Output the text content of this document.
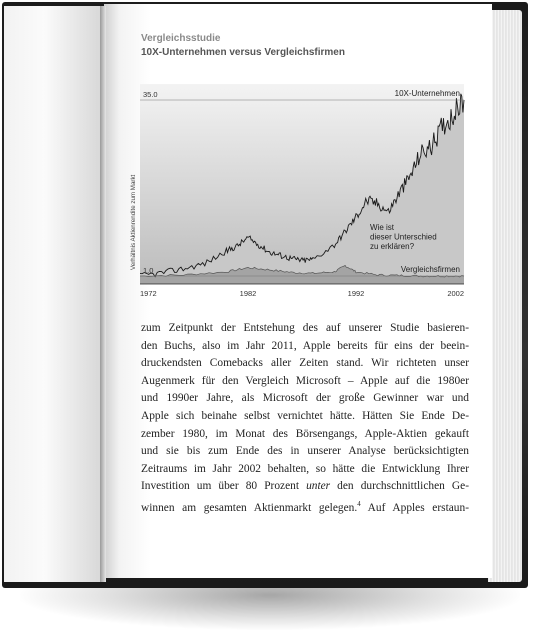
Vergleichsstudie
10X-Unternehmen versus Vergleichsfirmen
35.0
1.0
Verhältnis Aktienrendite zum Markt
10X-Unternehmen
Vergleichsfirmen
Wie ist dieser Unterschied zu erklären?
1972	1982	1992	2002
zum Zeitpunkt der Entstehung des auf unserer Studie basieren-
den Buchs, also im Jahr 2011, Apple bereits für eins der beein-
druckendsten Comebacks aller Zeiten stand. Wir richteten unser
Augenmerk für den Vergleich Microsoft – Apple auf die 1980er
und 1990er Jahre, als Microsoft der große Gewinner war und
Apple sich beinahe selbst vernichtet hätte. Hätten Sie Ende De-
zember 1980, im Monat des Börsengangs, Apple-Aktien gekauft
und sie bis zum Ende des in unserer Analyse berücksichtigten
Zeitraums im Jahr 2002 behalten, so hätte die Entwicklung Ihrer
Investition um über 80 Prozent unter den durchschnittlichen Ge-
winnen am gesamten Aktienmarkt gelegen.$^4$ Auf Apples erstaun-
